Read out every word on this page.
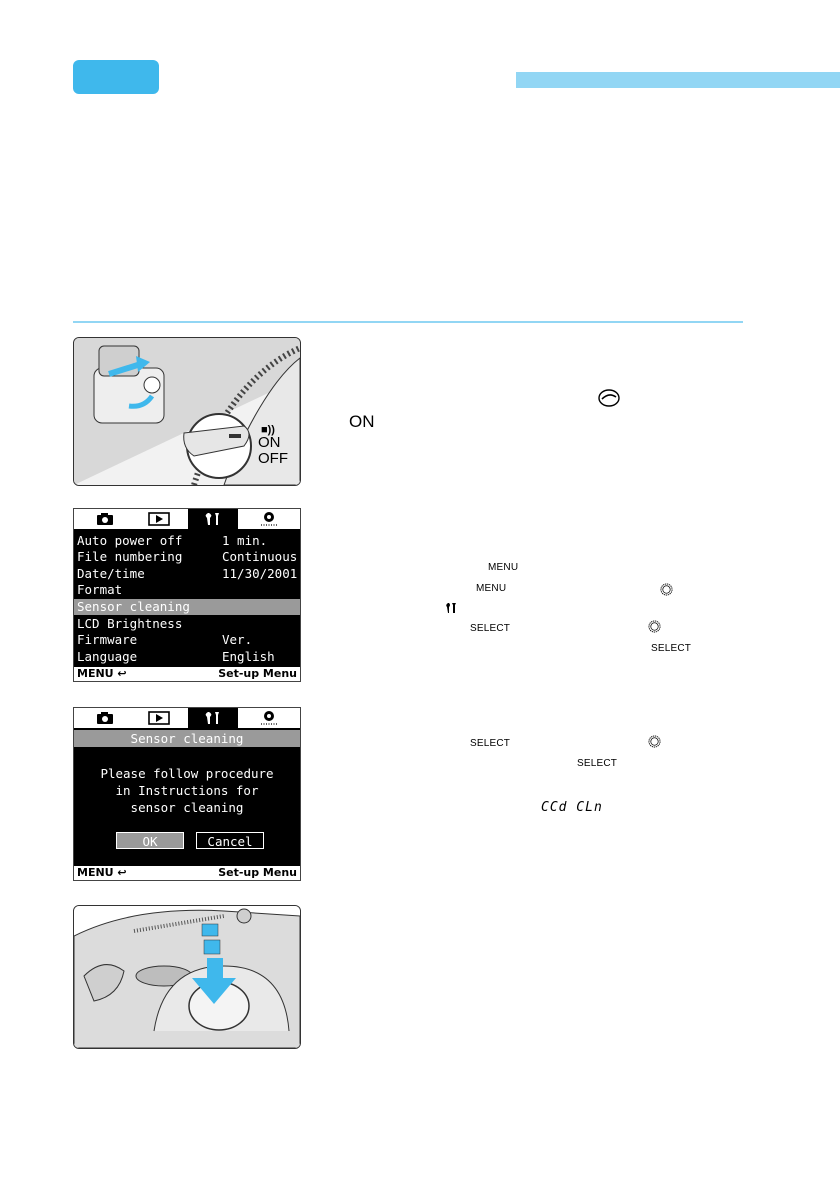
■))
ON
OFF
ON
Auto power off	1 min.
File numbering	Continuous
Date/time	11/30/2001
Format
Sensor cleaning
LCD Brightness
Firmware	Ver.
Language	English
MENU ↩	Set-up Menu
MENU
MENU
SELECT
SELECT
Sensor cleaning
Please follow procedure
in Instructions for
sensor cleaning
OK	Cancel
MENU ↩	Set-up Menu
SELECT
SELECT
CCd CLn
